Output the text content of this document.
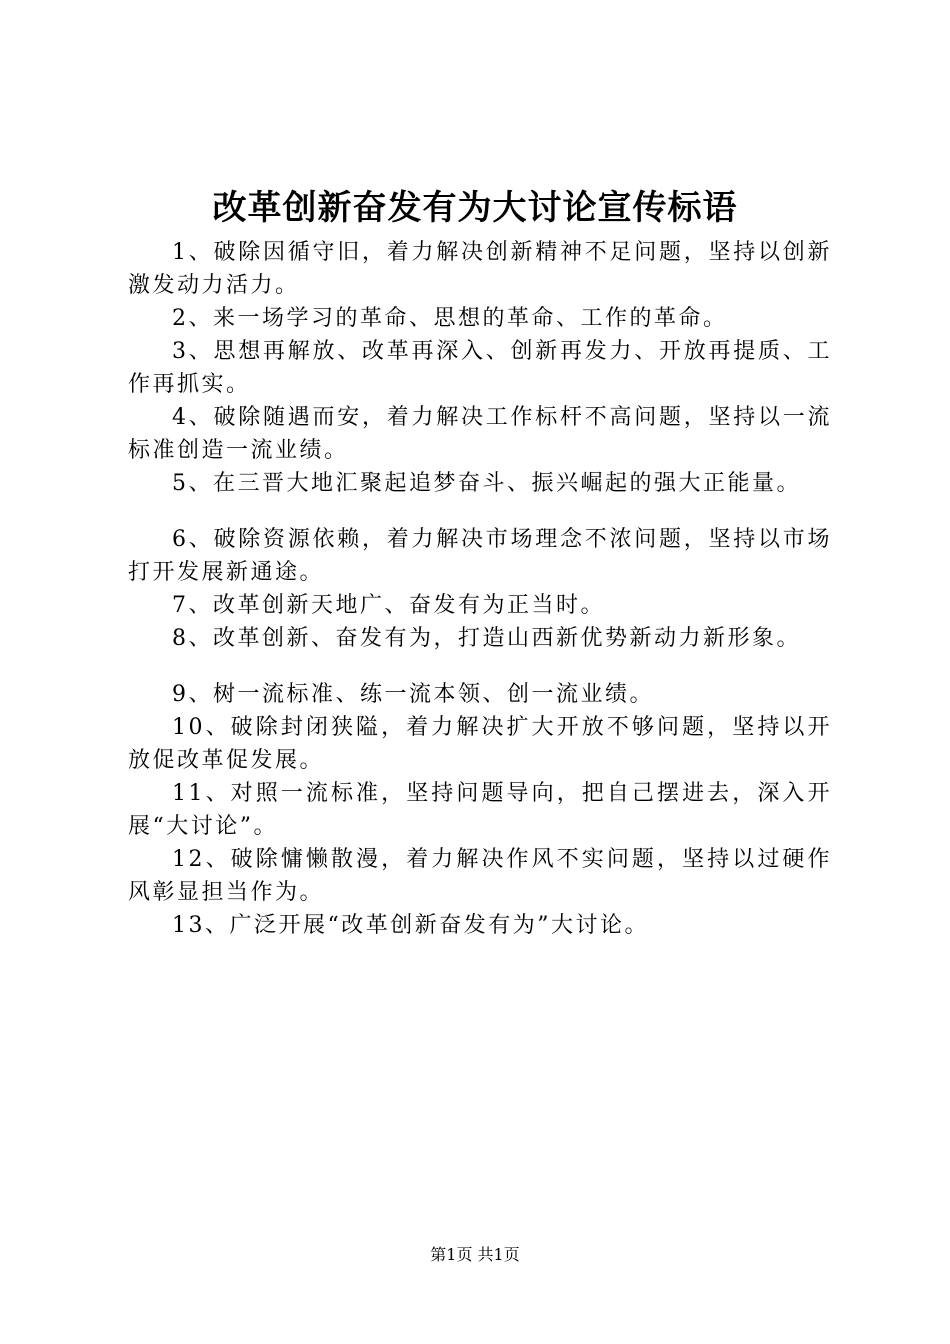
改革创新奋发有为大讨论宣传标语

1、破除因循守旧，着力解决创新精神不足问题，坚持以创新激发动力活力。

2、来一场学习的革命、思想的革命、工作的革命。

3、思想再解放、改革再深入、创新再发力、开放再提质、工作再抓实。

4、破除随遇而安，着力解决工作标杆不高问题，坚持以一流标准创造一流业绩。

5、在三晋大地汇聚起追梦奋斗、振兴崛起的强大正能量。

6、破除资源依赖，着力解决市场理念不浓问题，坚持以市场打开发展新通途。

7、改革创新天地广、奋发有为正当时。

8、改革创新、奋发有为，打造山西新优势新动力新形象。

9、树一流标准、练一流本领、创一流业绩。

10、破除封闭狭隘，着力解决扩大开放不够问题，坚持以开放促改革促发展。

11、对照一流标准，坚持问题导向，把自己摆进去，深入开展“大讨论”。

12、破除慵懒散漫，着力解决作风不实问题，坚持以过硬作风彰显担当作为。

13、广泛开展“改革创新奋发有为”大讨论。

第1页 共1页
